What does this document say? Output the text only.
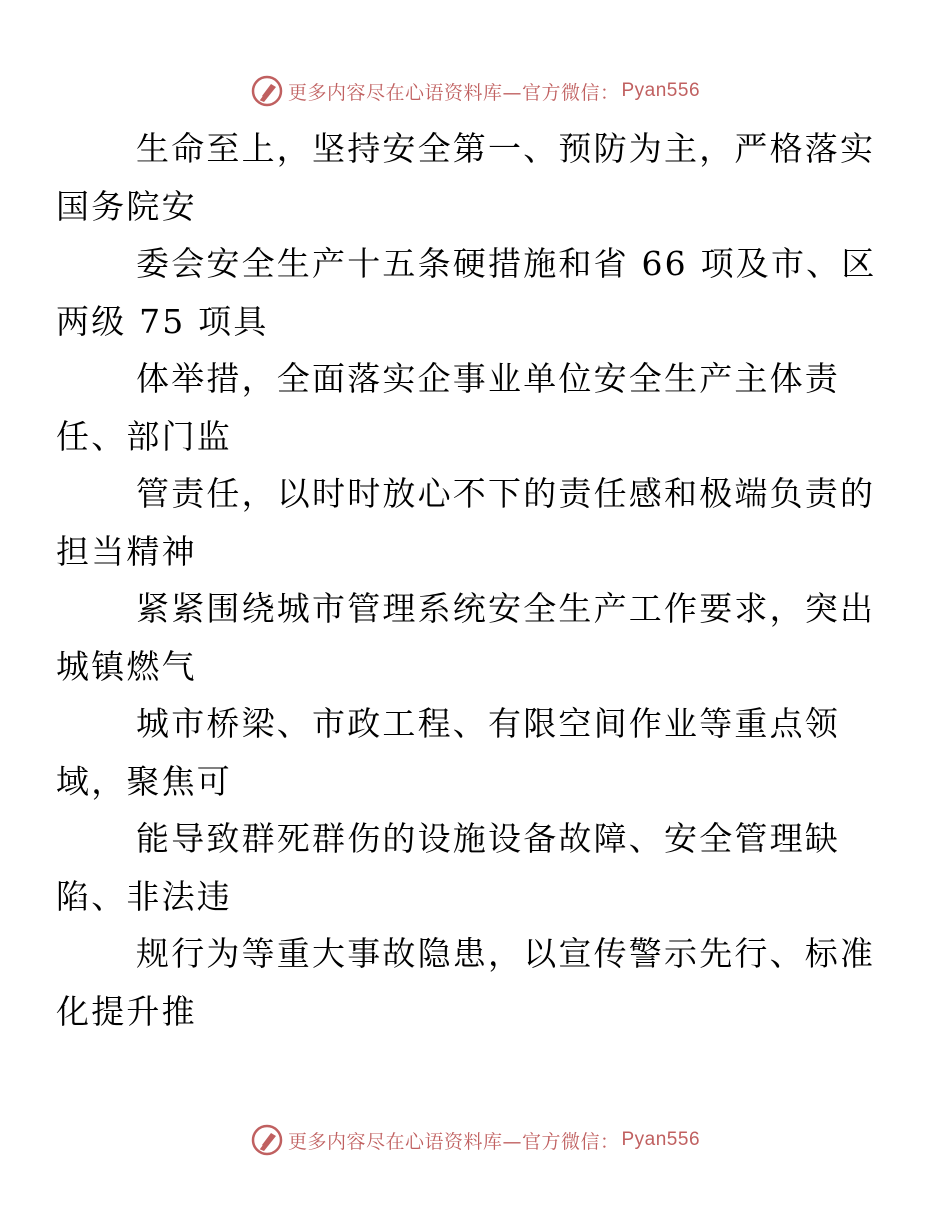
更多内容尽在心语资料库—官方微信： Pyan556

生命至上，坚持安全第一、预防为主，严格落实
国务院安

委会安全生产十五条硬措施和省 66 项及市、区
两级 75 项具

体举措，全面落实企事业单位安全生产主体责
任、部门监

管责任，以时时放心不下的责任感和极端负责的
担当精神

紧紧围绕城市管理系统安全生产工作要求，突出
城镇燃气

城市桥梁、市政工程、有限空间作业等重点领
域，聚焦可

能导致群死群伤的设施设备故障、安全管理缺
陷、非法违

规行为等重大事故隐患，以宣传警示先行、标准
化提升推

更多内容尽在心语资料库—官方微信： Pyan556
